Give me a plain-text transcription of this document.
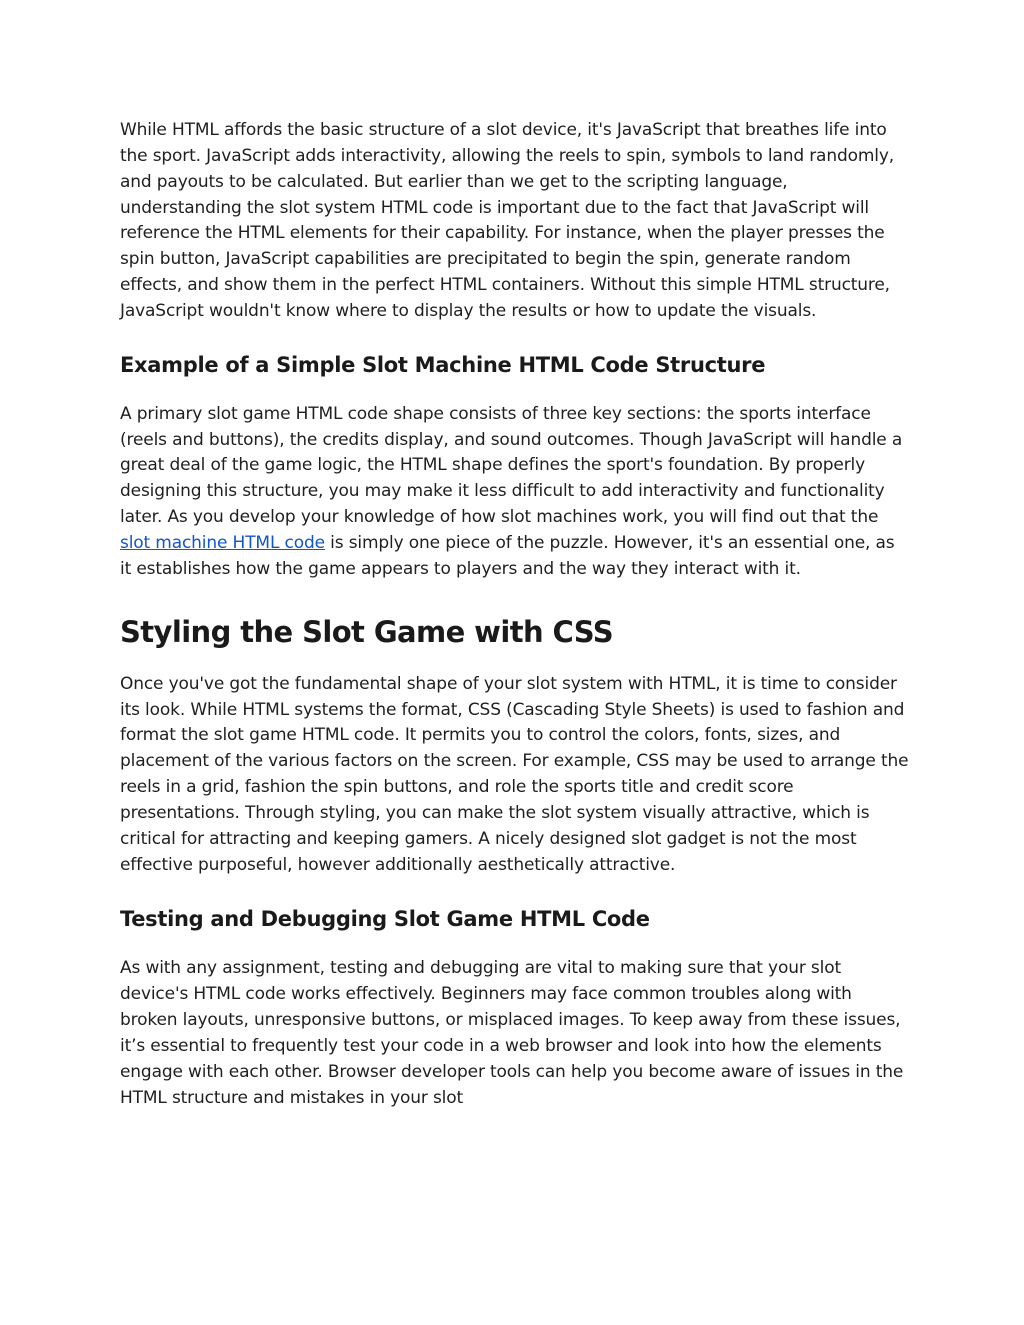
While HTML affords the basic structure of a slot device, it's JavaScript that breathes life into the sport. JavaScript adds interactivity, allowing the reels to spin, symbols to land randomly, and payouts to be calculated. But earlier than we get to the scripting language, understanding the slot system HTML code is important due to the fact that JavaScript will reference the HTML elements for their capability. For instance, when the player presses the spin button, JavaScript capabilities are precipitated to begin the spin, generate random effects, and show them in the perfect HTML containers. Without this simple HTML structure, JavaScript wouldn't know where to display the results or how to update the visuals.

Example of a Simple Slot Machine HTML Code Structure

A primary slot game HTML code shape consists of three key sections: the sports interface (reels and buttons), the credits display, and sound outcomes. Though JavaScript will handle a great deal of the game logic, the HTML shape defines the sport's foundation. By properly designing this structure, you may make it less difficult to add interactivity and functionality later. As you develop your knowledge of how slot machines work, you will find out that the slot machine HTML code is simply one piece of the puzzle. However, it's an essential one, as it establishes how the game appears to players and the way they interact with it.

Styling the Slot Game with CSS

Once you've got the fundamental shape of your slot system with HTML, it is time to consider its look. While HTML systems the format, CSS (Cascading Style Sheets) is used to fashion and format the slot game HTML code. It permits you to control the colors, fonts, sizes, and placement of the various factors on the screen. For example, CSS may be used to arrange the reels in a grid, fashion the spin buttons, and role the sports title and credit score presentations. Through styling, you can make the slot system visually attractive, which is critical for attracting and keeping gamers. A nicely designed slot gadget is not the most effective purposeful, however additionally aesthetically attractive.

Testing and Debugging Slot Game HTML Code

As with any assignment, testing and debugging are vital to making sure that your slot device's HTML code works effectively. Beginners may face common troubles along with broken layouts, unresponsive buttons, or misplaced images. To keep away from these issues, it’s essential to frequently test your code in a web browser and look into how the elements engage with each other. Browser developer tools can help you become aware of issues in the HTML structure and mistakes in your slot
